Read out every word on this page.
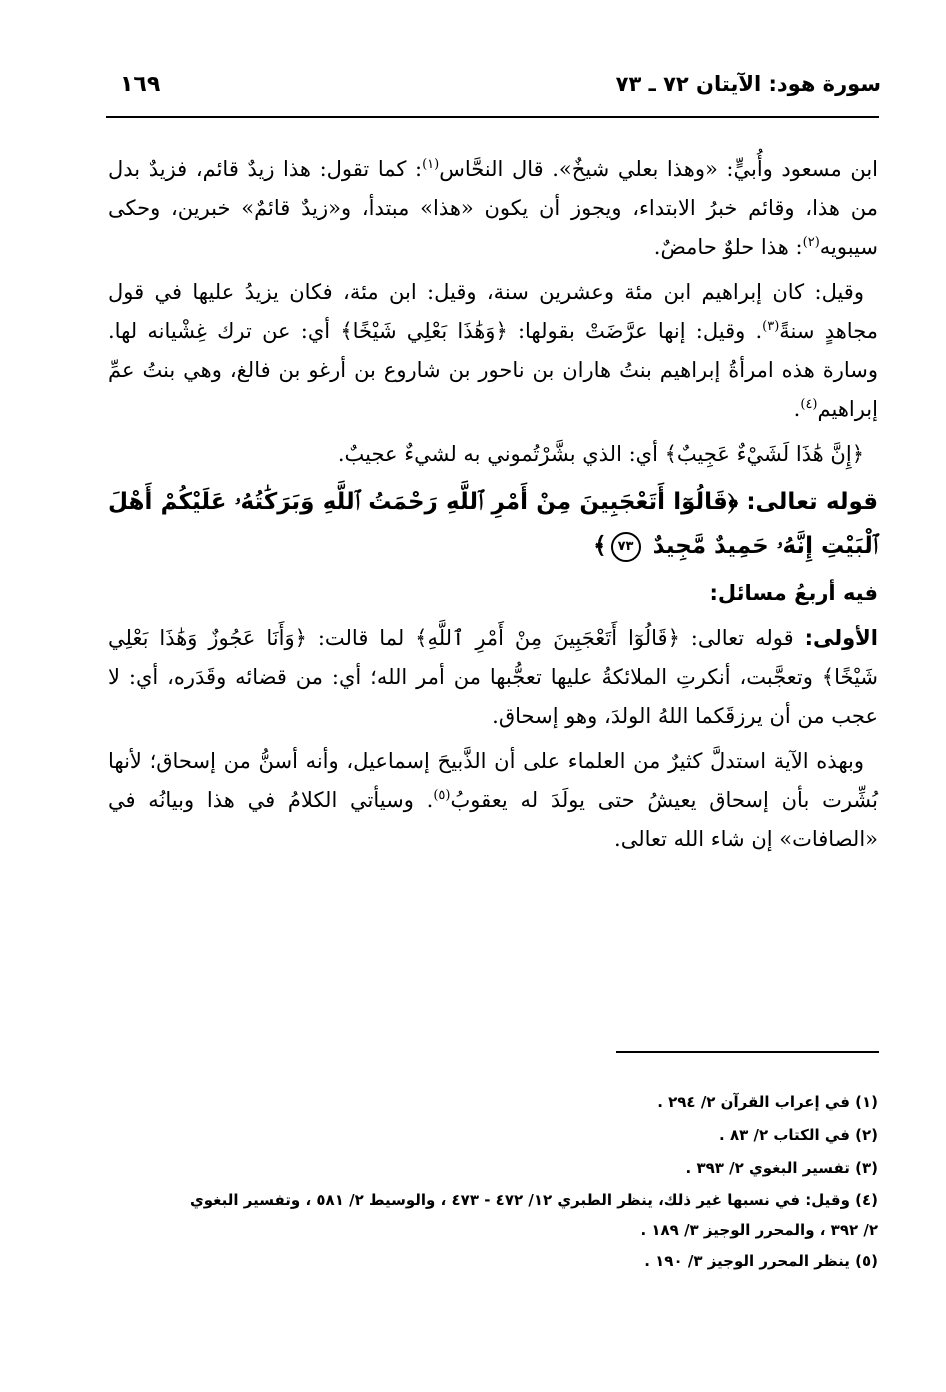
سورة هود: الآيتان ٧٢ ـ ٧٣
١٦٩

ابن مسعود وأُبيٍّ: «وهذا بعلي شيخٌ». قال النحَّاس$^{(١)}$: كما تقول: هذا زيدٌ قائم، فزيدٌ بدل من هذا، وقائم خبرُ الابتداء، ويجوز أن يكون «هذا» مبتدأ، و«زيدٌ قائمٌ» خبرين، وحكى سيبويه$^{(٢)}$: هذا حلوٌ حامضٌ.

وقيل: كان إبراهيم ابن مئة وعشرين سنة، وقيل: ابن مئة، فكان يزيدُ عليها في قول مجاهدٍ سنةً$^{(٣)}$. وقيل: إنها عرَّضَتْ بقولها: ﴿وَهَٰذَا بَعْلِي شَيْخًا﴾ أي: عن ترك غِشْيانه لها. وسارة هذه امرأةُ إبراهيم بنتُ هاران بن ناحور بن شاروع بن أرغو بن فالغ، وهي بنتُ عمِّ إبراهيم$^{(٤)}$.

﴿إِنَّ هَٰذَا لَشَيْءٌ عَجِيبٌ﴾ أي: الذي بشَّرْتُموني به لشيءٌ عجيبٌ.

قوله تعالى: ﴿قَالُوٓا أَتَعْجَبِينَ مِنْ أَمْرِ ٱللَّهِ رَحْمَتُ ٱللَّهِ وَبَرَكَٰتُهُۥ عَلَيْكُمْ أَهْلَ ٱلْبَيْتِ إِنَّهُۥ حَمِيدٌ مَّجِيدٌ ٧٣﴾

فيه أربعُ مسائل:

الأولى: قوله تعالى: ﴿قَالُوٓا أَتَعْجَبِينَ مِنْ أَمْرِ ٱللَّهِ﴾ لما قالت: ﴿وَأَنَا عَجُوزٌ وَهَٰذَا بَعْلِي شَيْخًا﴾ وتعجَّبت، أنكرتِ الملائكةُ عليها تعجُّبها من أمر الله؛ أي: من قضائه وقَدَره، أي: لا عجب من أن يرزقَكما اللهُ الولدَ، وهو إسحاق.

وبهذه الآية استدلَّ كثيرٌ من العلماء على أن الذَّبيحَ إسماعيل، وأنه أسنُّ من إسحاق؛ لأنها بُشِّرت بأن إسحاق يعيشُ حتى يولَدَ له يعقوبُ$^{(٥)}$. وسيأتي الكلامُ في هذا وبيانُه في «الصافات» إن شاء الله تعالى.

(١) في إعراب القرآن ٢/ ٢٩٤ .
(٢) في الكتاب ٢/ ٨٣ .
(٣) تفسير البغوي ٢/ ٣٩٣ .
(٤) وقيل: في نسبها غير ذلك، ينظر الطبري ١٢/ ٤٧٢ - ٤٧٣ ، والوسيط ٢/ ٥٨١ ، وتفسير البغوي
٢/ ٣٩٢ ، والمحرر الوجيز ٣/ ١٨٩ .
(٥) ينظر المحرر الوجيز ٣/ ١٩٠ .
